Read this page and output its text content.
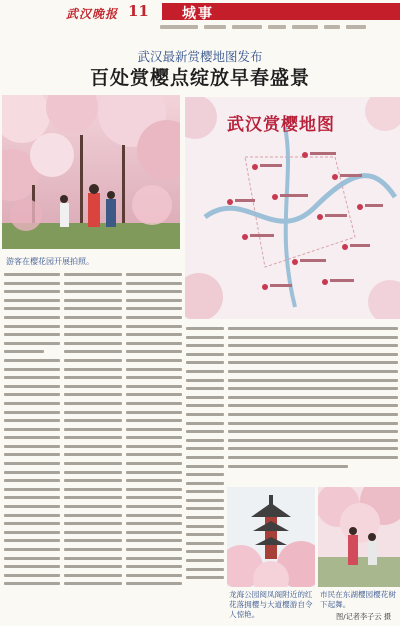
武汉晚报 11 城事
武汉最新赏樱地图发布
百处赏樱点绽放早春盛景
游客在樱花园开展拍照。
武汉赏樱地图
龙海公园阅凤阁附近的红花落拥樱与大道樱游自令人惊艳。
市民在东湖樱园樱花树下起舞。
图/记者李子云 摄
